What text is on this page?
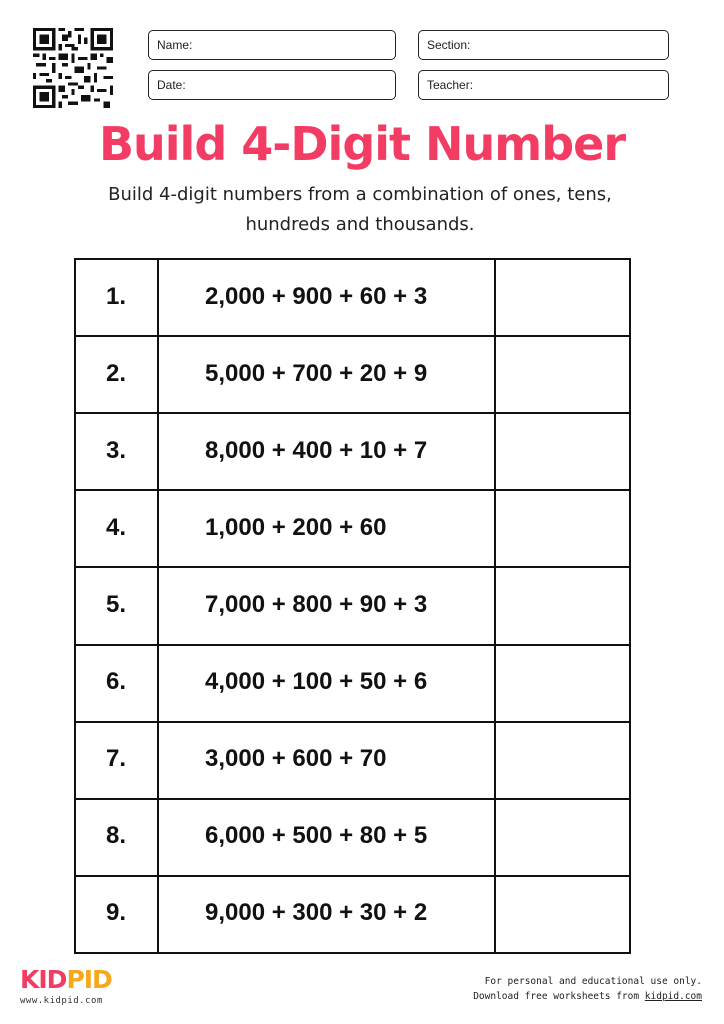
Name:	Section:
Date:	Teacher:
Build 4-Digit Number
Build 4-digit numbers from a combination of ones, tens,
hundreds and thousands.
1.	2,000 + 900 + 60 + 3
2.	5,000 + 700 + 20 + 9
3.	8,000 + 400 + 10 + 7
4.	1,000 + 200 + 60
5.	7,000 + 800 + 90 + 3
6.	4,000 + 100 + 50 + 6
7.	3,000 + 600 + 70
8.	6,000 + 500 + 80 + 5
9.	9,000 + 300 + 30 + 2
KIDPID
www.kidpid.com
For personal and educational use only.
Download free worksheets from kidpid.com
